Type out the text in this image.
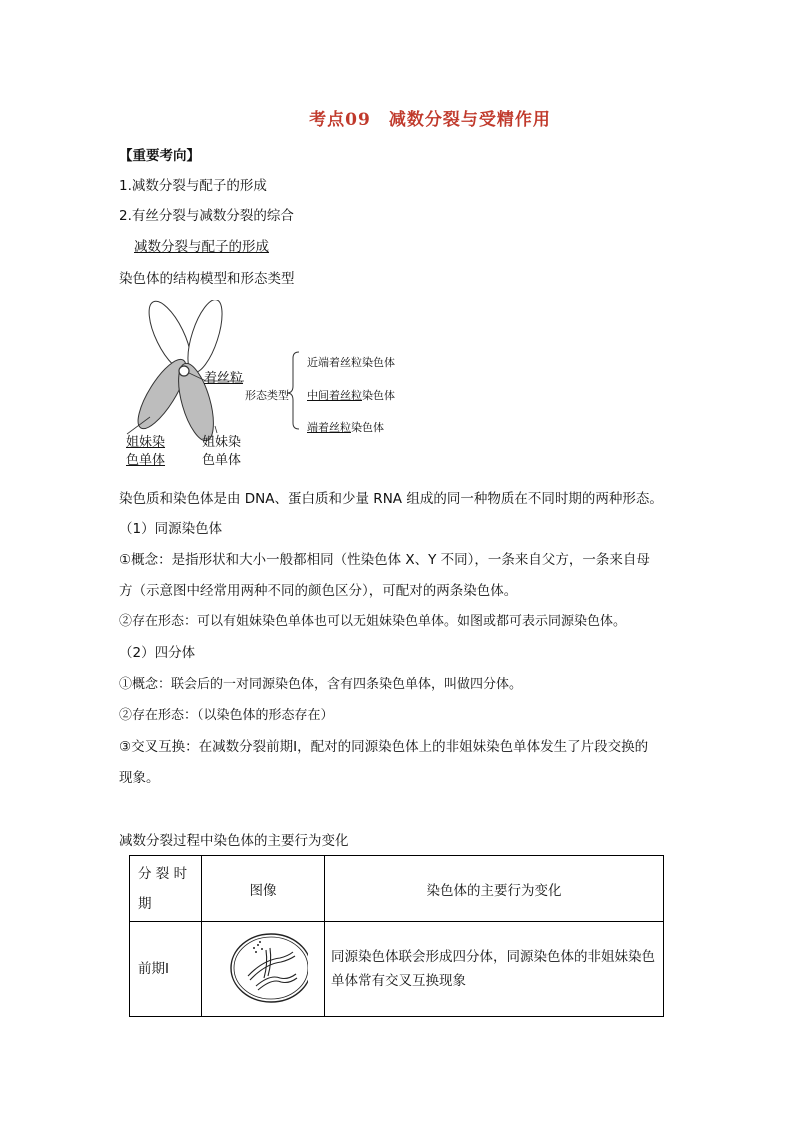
考点09　减数分裂与受精作用
【重要考向】
1.减数分裂与配子的形成
2.有丝分裂与减数分裂的综合
减数分裂与配子的形成
染色体的结构模型和形态类型
着丝粒
姐妹染
色单体
姐妹染
色单体
形态类型
近端着丝粒染色体
中间着丝粒染色体
端着丝粒染色体
染色质和染色体是由 DNA、蛋白质和少量 RNA 组成的同一种物质在不同时期的两种形态。
（1）同源染色体
①概念：是指形状和大小一般都相同（性染色体 X、Y 不同），一条来自父方，一条来自母
方（示意图中经常用两种不同的颜色区分），可配对的两条染色体。
②存在形态：可以有姐妹染色单体也可以无姐妹染色单体。如图或都可表示同源染色体。
（2）四分体
①概念：联会后的一对同源染色体，含有四条染色单体，叫做四分体。
②存在形态：（以染色体的形态存在）
③交叉互换：在减数分裂前期Ⅰ，配对的同源染色体上的非姐妹染色单体发生了片段交换的
现象。
减数分裂过程中染色体的主要行为变化
分 裂 时 期	图像	染色体的主要行为变化
前期Ⅰ		同源染色体联会形成四分体，同源染色体的非姐妹染色单体常有交叉互换现象
